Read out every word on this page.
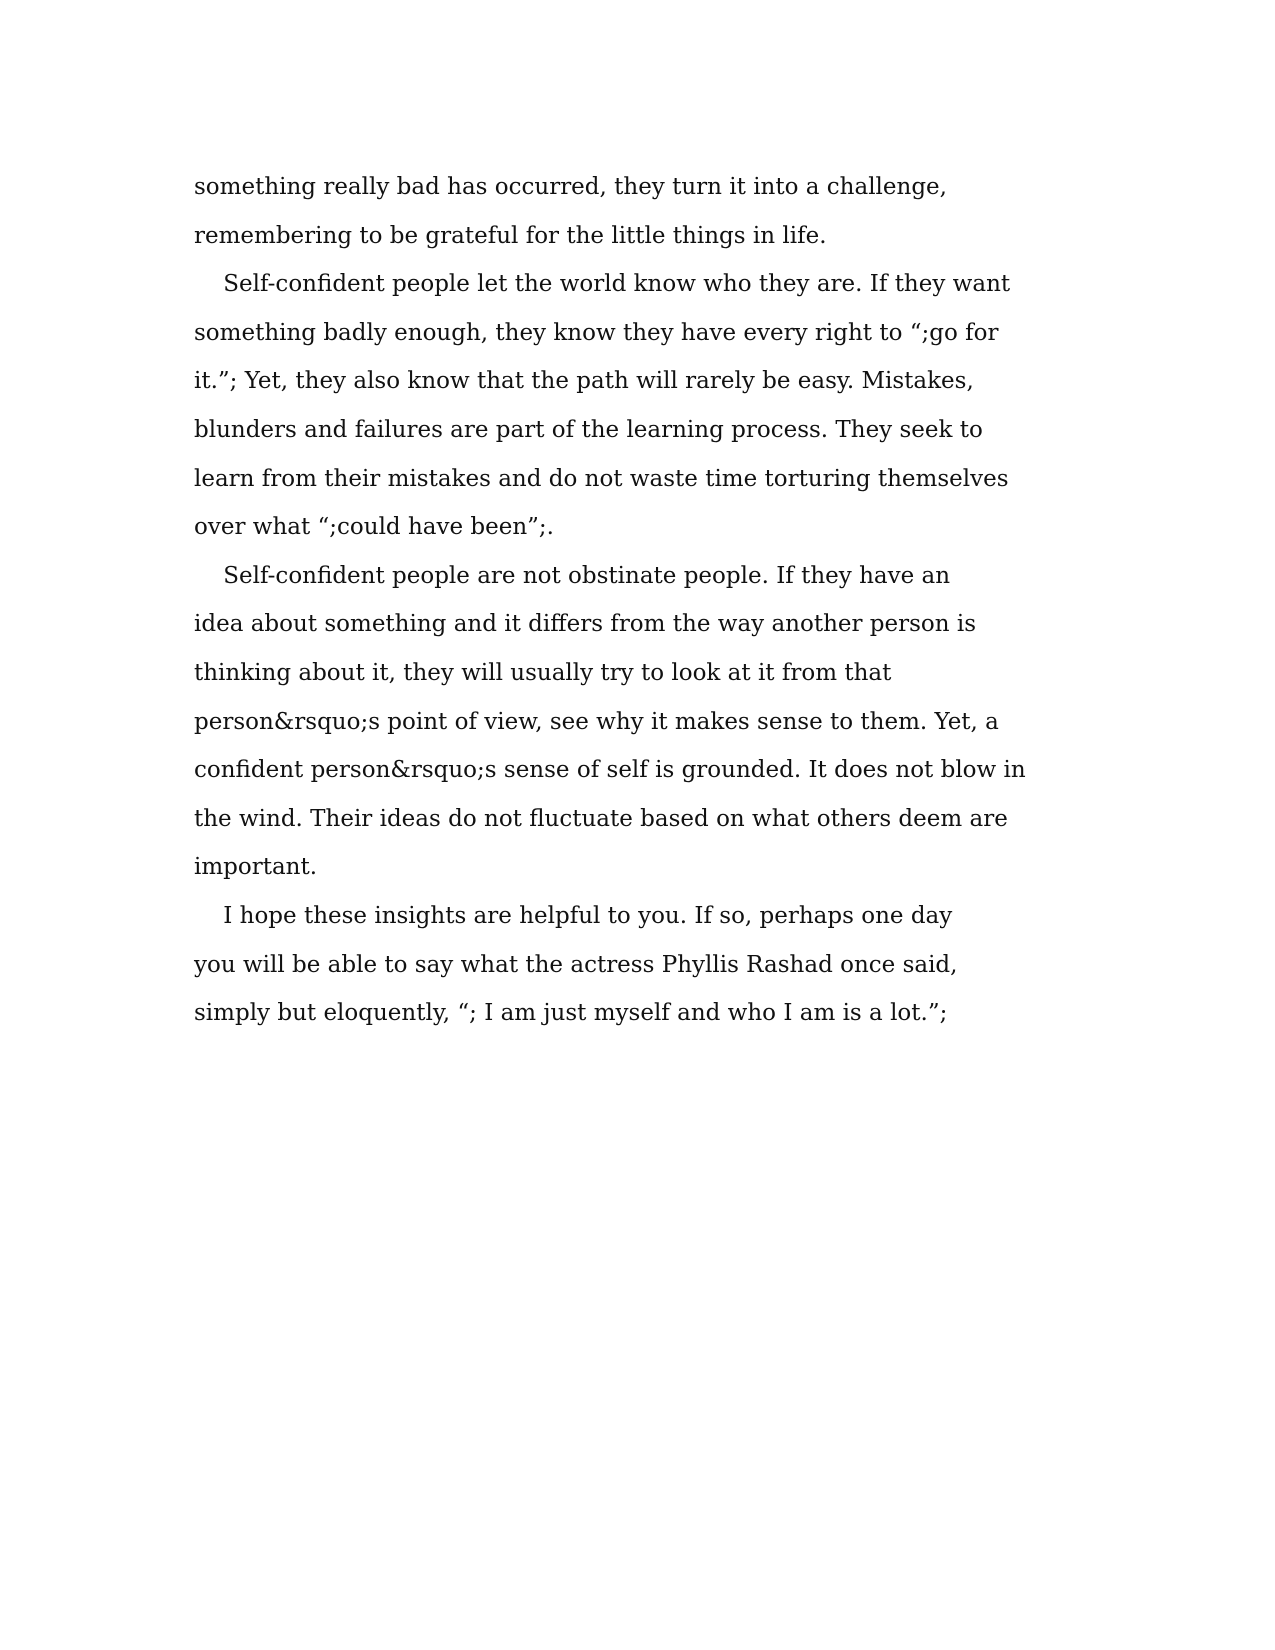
something really bad has occurred, they turn it into a challenge,
remembering to be grateful for the little things in life.
Self-confident people let the world know who they are. If they want
something badly enough, they know they have every right to “;go for
it.”; Yet, they also know that the path will rarely be easy. Mistakes,
blunders and failures are part of the learning process. They seek to
learn from their mistakes and do not waste time torturing themselves
over what “;could have been”;.
Self-confident people are not obstinate people. If they have an
idea about something and it differs from the way another person is
thinking about it, they will usually try to look at it from that
person&rsquo;s point of view, see why it makes sense to them. Yet, a
confident person&rsquo;s sense of self is grounded. It does not blow in
the wind. Their ideas do not fluctuate based on what others deem are
important.
I hope these insights are helpful to you. If so, perhaps one day
you will be able to say what the actress Phyllis Rashad once said,
simply but eloquently, “; I am just myself and who I am is a lot.”;
